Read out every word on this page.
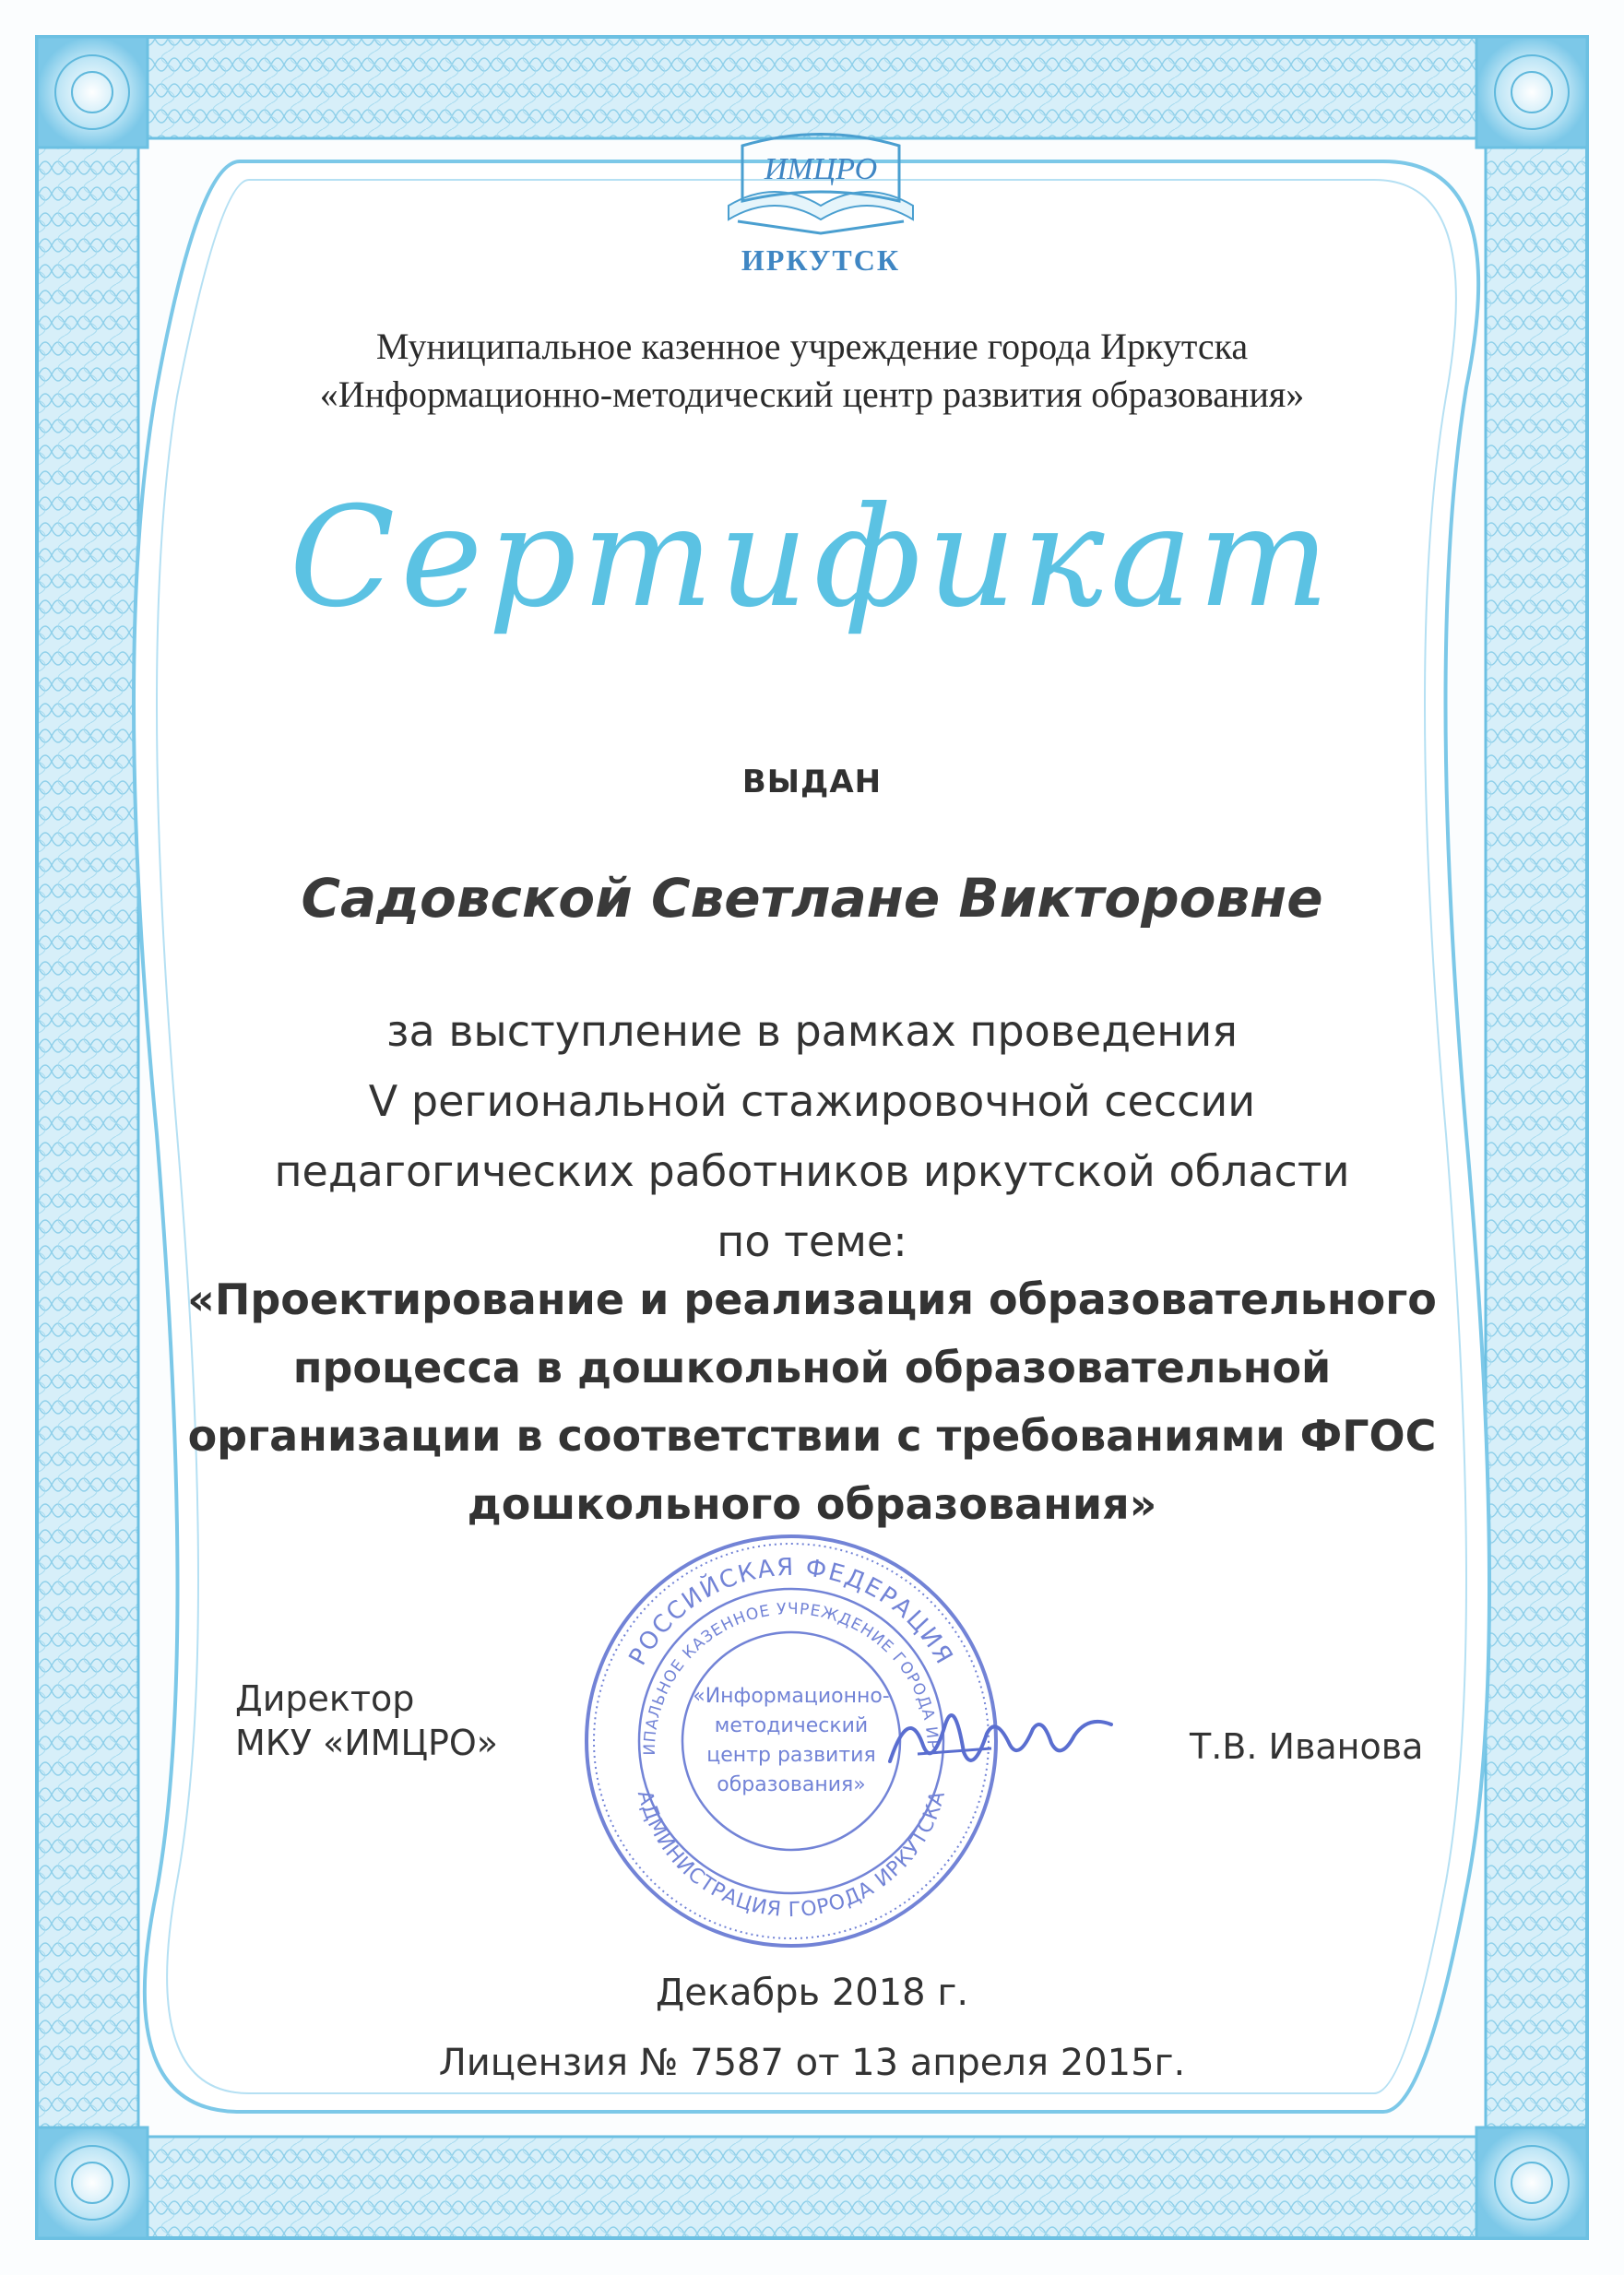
ИМЦРО
ИРКУТСК
Муниципальное казенное учреждение города Иркутска
«Информационно-методический центр развития образования»
Сертификат
ВЫДАН
Садовской Светлане Викторовне
за выступление в рамках проведения
V региональной стажировочной сессии
педагогических работников иркутской области
по теме:
«Проектирование и реализация образовательного
процесса в дошкольной образовательной
организации в соответствии с требованиями ФГОС
дошкольного образования»
РОССИЙСКАЯ ФЕДЕРАЦИЯ
АДМИНИСТРАЦИЯ ГОРОДА ИРКУТСКА
ИПАЛЬНОЕ КАЗЕННОЕ УЧРЕЖДЕНИЕ ГОРОДА ИР
«Информационно-
методический
центр развития
образования»
Директор
МКУ «ИМЦРО»	Т.В. Иванова
Декабрь 2018 г.
Лицензия № 7587 от 13 апреля 2015г.
